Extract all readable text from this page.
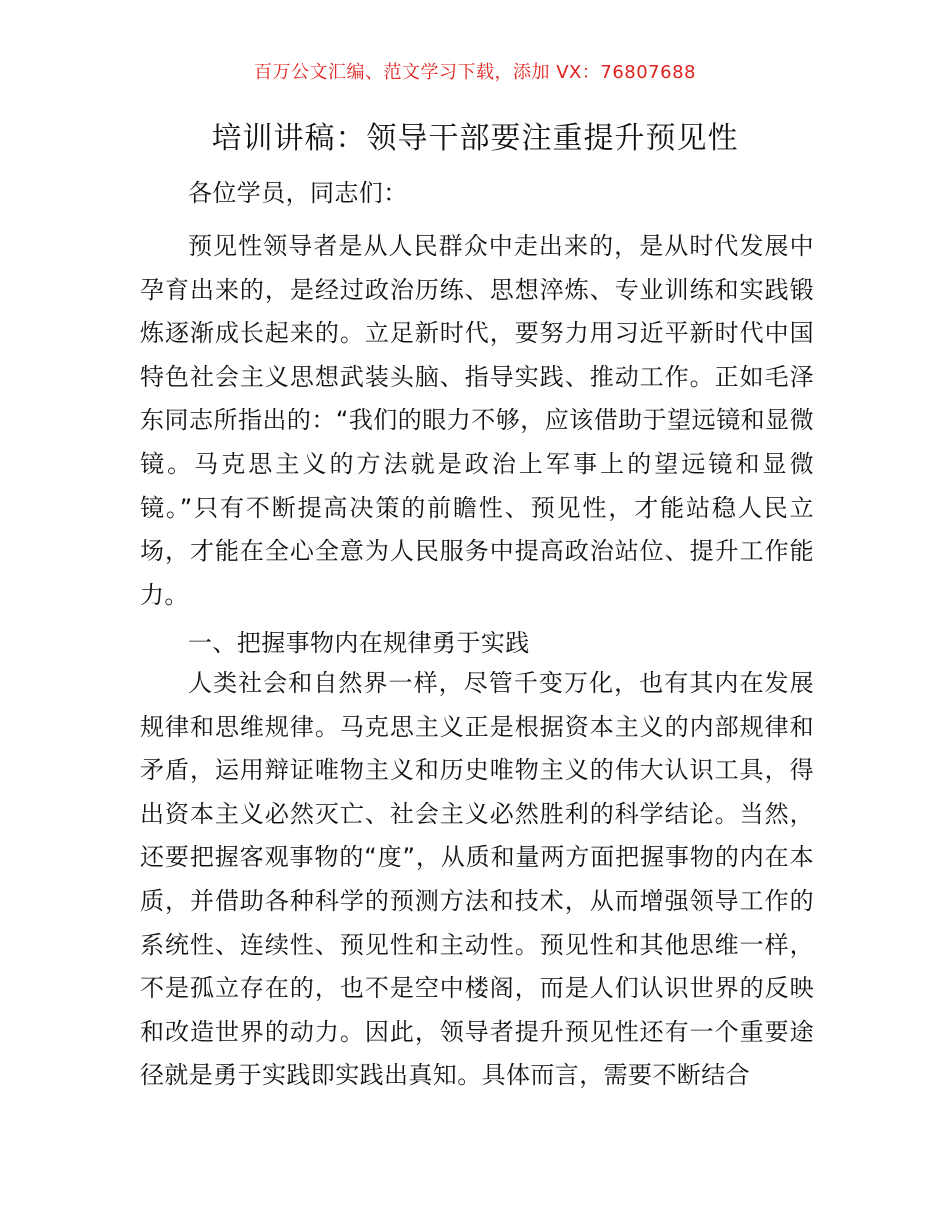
百万公文汇编、范文学习下载，添加 VX：76807688
培训讲稿：领导干部要注重提升预见性
各位学员，同志们：
预见性领导者是从人民群众中走出来的，是从时代发展中孕育出来的，是经过政治历练、思想淬炼、专业训练和实践锻炼逐渐成长起来的。立足新时代，要努力用习近平新时代中国特色社会主义思想武装头脑、指导实践、推动工作。正如毛泽东同志所指出的：“我们的眼力不够，应该借助于望远镜和显微镜。马克思主义的方法就是政治上军事上的望远镜和显微镜。”只有不断提高决策的前瞻性、预见性，才能站稳人民立场，才能在全心全意为人民服务中提高政治站位、提升工作能力。
一、把握事物内在规律勇于实践
人类社会和自然界一样，尽管千变万化，也有其内在发展规律和思维规律。马克思主义正是根据资本主义的内部规律和矛盾，运用辩证唯物主义和历史唯物主义的伟大认识工具，得出资本主义必然灭亡、社会主义必然胜利的科学结论。当然，还要把握客观事物的“度”，从质和量两方面把握事物的内在本质，并借助各种科学的预测方法和技术，从而增强领导工作的系统性、连续性、预见性和主动性。预见性和其他思维一样，不是孤立存在的，也不是空中楼阁，而是人们认识世界的反映和改造世界的动力。因此，领导者提升预见性还有一个重要途径就是勇于实践即实践出真知。具体而言，需要不断结合
